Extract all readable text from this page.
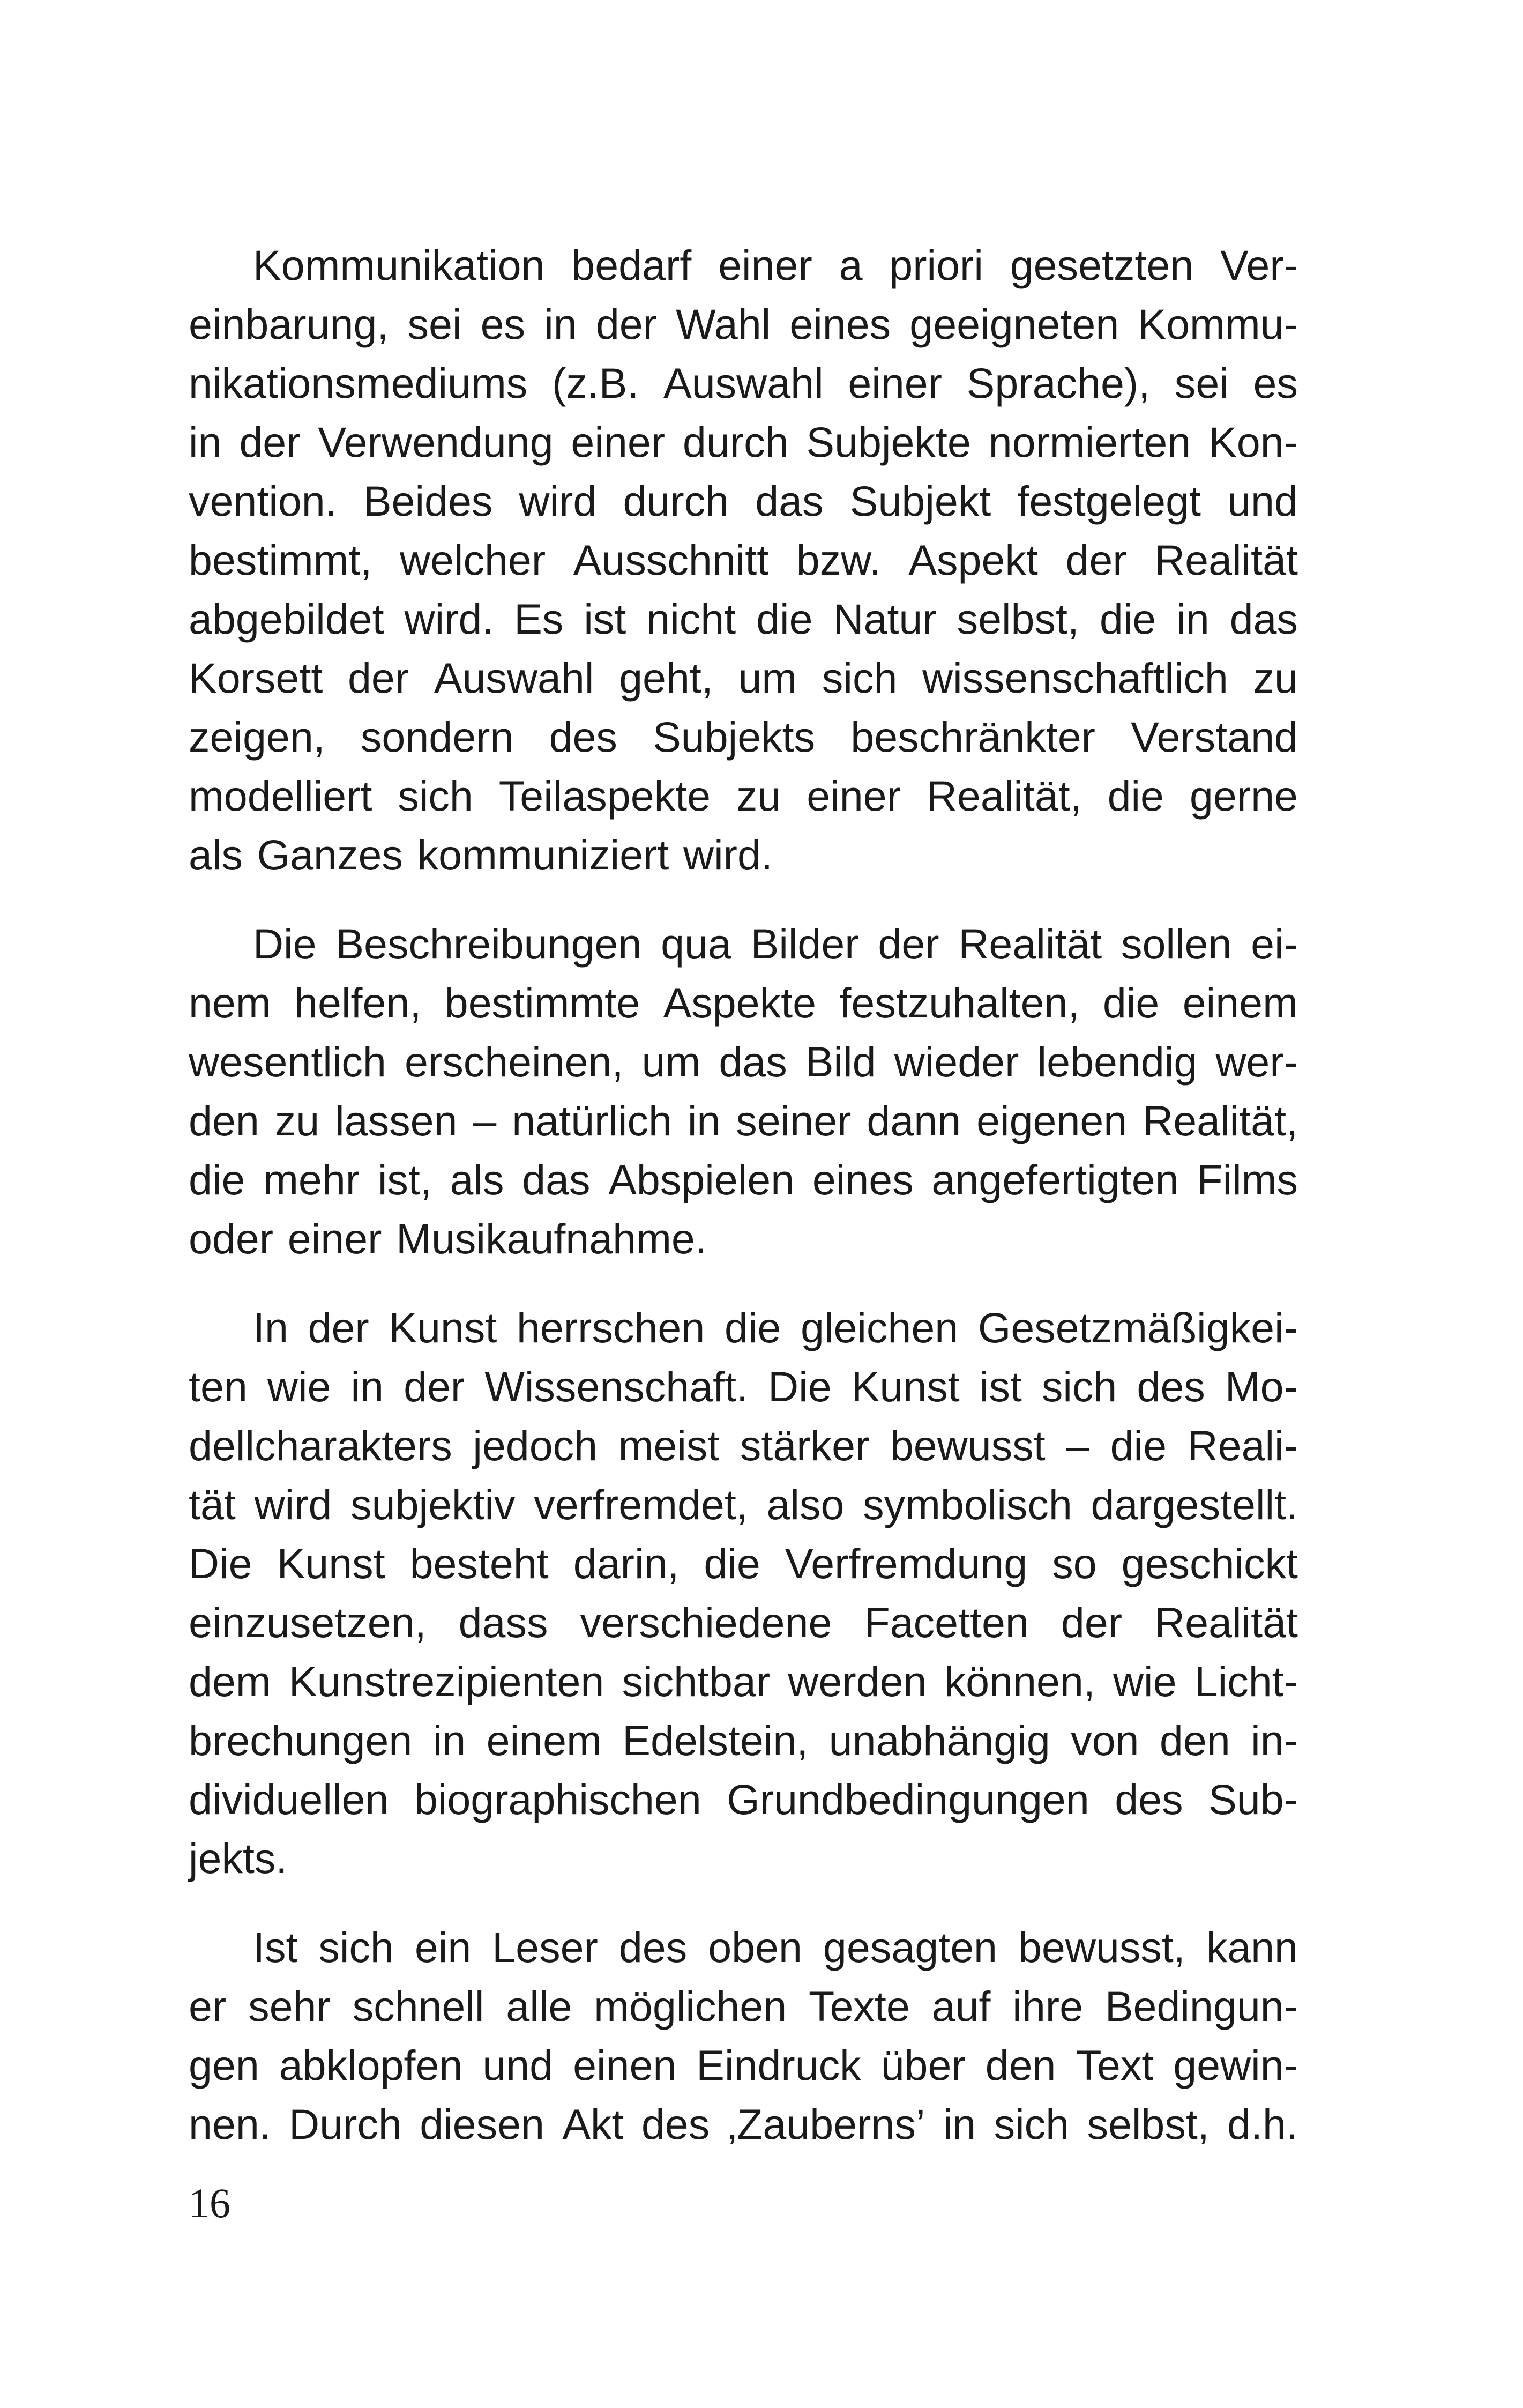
Kommunikation bedarf einer a priori gesetzten Ver-
einbarung, sei es in der Wahl eines geeigneten Kommu-
nikationsmediums (z.B. Auswahl einer Sprache), sei es
in der Verwendung einer durch Subjekte normierten Kon-
vention. Beides wird durch das Subjekt festgelegt und
bestimmt, welcher Ausschnitt bzw. Aspekt der Realität
abgebildet wird. Es ist nicht die Natur selbst, die in das
Korsett der Auswahl geht, um sich wissenschaftlich zu
zeigen, sondern des Subjekts beschränkter Verstand
modelliert sich Teilaspekte zu einer Realität, die gerne
als Ganzes kommuniziert wird.
Die Beschreibungen qua Bilder der Realität sollen ei-
nem helfen, bestimmte Aspekte festzuhalten, die einem
wesentlich erscheinen, um das Bild wieder lebendig wer-
den zu lassen – natürlich in seiner dann eigenen Realität,
die mehr ist, als das Abspielen eines angefertigten Films
oder einer Musikaufnahme.
In der Kunst herrschen die gleichen Gesetzmäßigkei-
ten wie in der Wissenschaft. Die Kunst ist sich des Mo-
dellcharakters jedoch meist stärker bewusst – die Reali-
tät wird subjektiv verfremdet, also symbolisch dargestellt.
Die Kunst besteht darin, die Verfremdung so geschickt
einzusetzen, dass verschiedene Facetten der Realität
dem Kunstrezipienten sichtbar werden können, wie Licht-
brechungen in einem Edelstein, unabhängig von den in-
dividuellen biographischen Grundbedingungen des Sub-
jekts.
Ist sich ein Leser des oben gesagten bewusst, kann
er sehr schnell alle möglichen Texte auf ihre Bedingun-
gen abklopfen und einen Eindruck über den Text gewin-
nen. Durch diesen Akt des ‚Zauberns’ in sich selbst, d.h.
16
